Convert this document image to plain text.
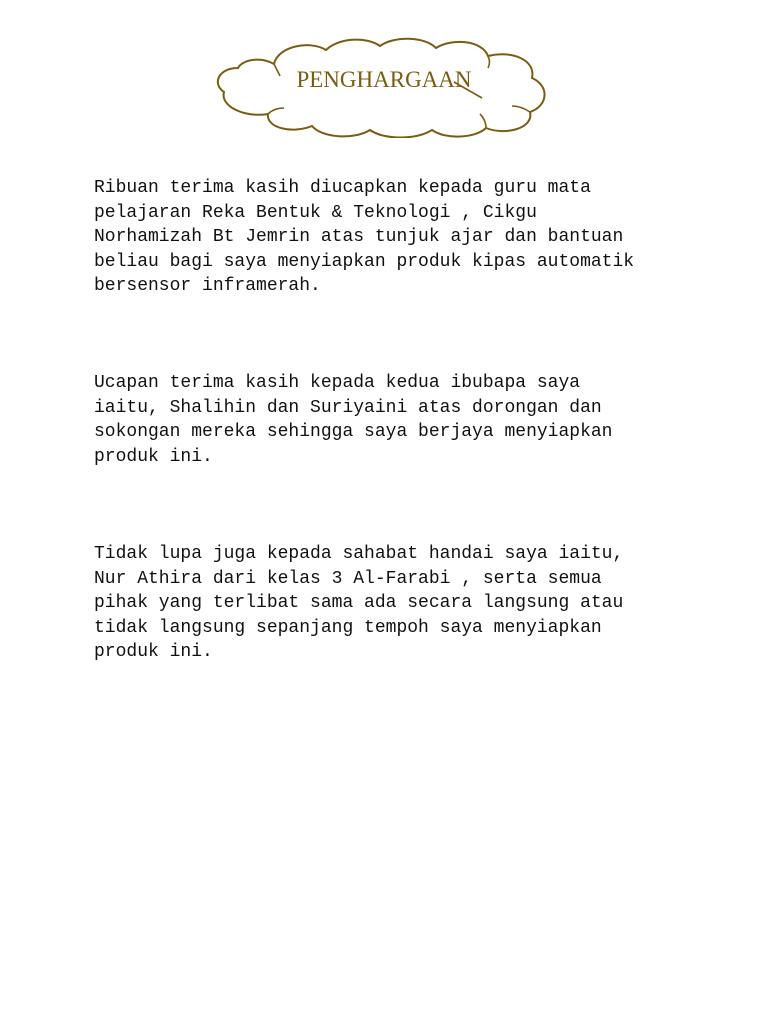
PENGHARGAAN

Ribuan terima kasih diucapkan kepada guru mata
pelajaran Reka Bentuk & Teknologi , Cikgu
Norhamizah Bt Jemrin atas tunjuk ajar dan bantuan
beliau bagi saya menyiapkan produk kipas automatik
bersensor inframerah.

Ucapan terima kasih kepada kedua ibubapa saya
iaitu, Shalihin dan Suriyaini atas dorongan dan
sokongan mereka sehingga saya berjaya menyiapkan
produk ini.

Tidak lupa juga kepada sahabat handai saya iaitu,
Nur Athira dari kelas 3 Al-Farabi , serta semua
pihak yang terlibat sama ada secara langsung atau
tidak langsung sepanjang tempoh saya menyiapkan
produk ini.
